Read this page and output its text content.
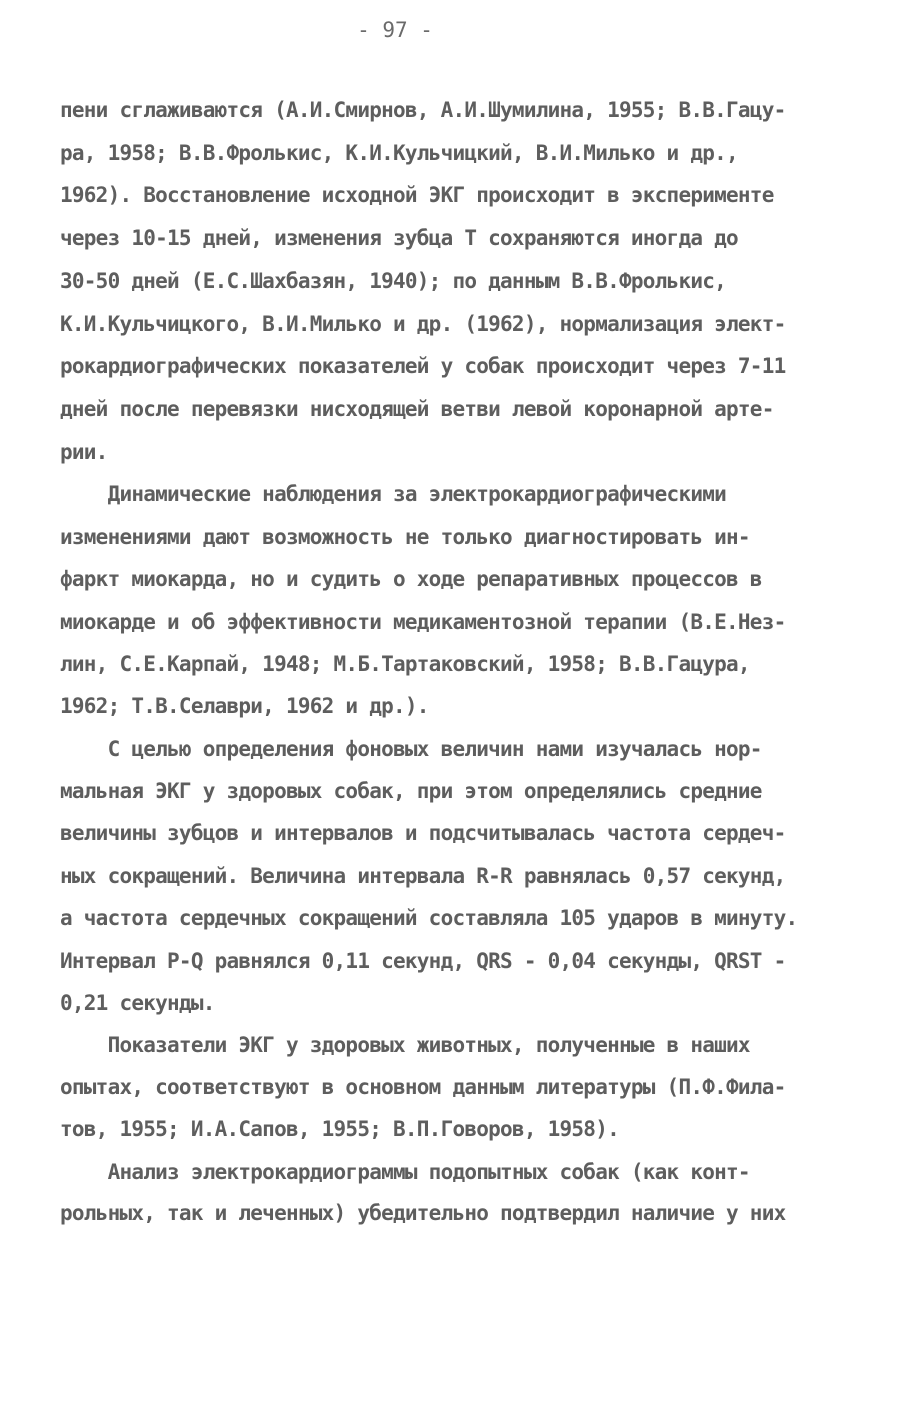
- 97 -
пени сглаживаются (А.И.Смирнов, А.И.Шумилина, 1955; В.В.Гацу-
ра, 1958; В.В.Фролькис, К.И.Кульчицкий, В.И.Милько и др.,
1962). Восстановление исходной ЭКГ происходит в эксперименте
через 10-15 дней, изменения зубца Т сохраняются иногда до
30-50 дней (Е.С.Шахбазян, 1940); по данным В.В.Фролькис,
К.И.Кульчицкого, В.И.Милько и др. (1962), нормализация элект-
рокардиографических показателей у собак происходит через 7-11
дней после перевязки нисходящей ветви левой коронарной арте-
рии.
Динамические наблюдения за электрокардиографическими
изменениями дают возможность не только диагностировать ин-
фаркт миокарда, но и судить о ходе репаративных процессов в
миокарде и об эффективности медикаментозной терапии (В.Е.Нез-
лин, С.Е.Карпай, 1948; М.Б.Тартаковский, 1958; В.В.Гацура,
1962; Т.В.Селаври, 1962 и др.).
С целью определения фоновых величин нами изучалась нор-
мальная ЭКГ у здоровых собак, при этом определялись средние
величины зубцов и интервалов и подсчитывалась частота сердеч-
ных сокращений. Величина интервала R-R равнялась 0,57 секунд,
а частота сердечных сокращений составляла 105 ударов в минуту.
Интервал P-Q равнялся 0,11 секунд, QRS - 0,04 секунды, QRST -
0,21 секунды.
Показатели ЭКГ у здоровых животных, полученные в наших
опытах, соответствуют в основном данным литературы (П.Ф.Фила-
тов, 1955; И.А.Сапов, 1955; В.П.Говоров, 1958).
Анализ электрокардиограммы подопытных собак (как конт-
рольных, так и леченных) убедительно подтвердил наличие у них
